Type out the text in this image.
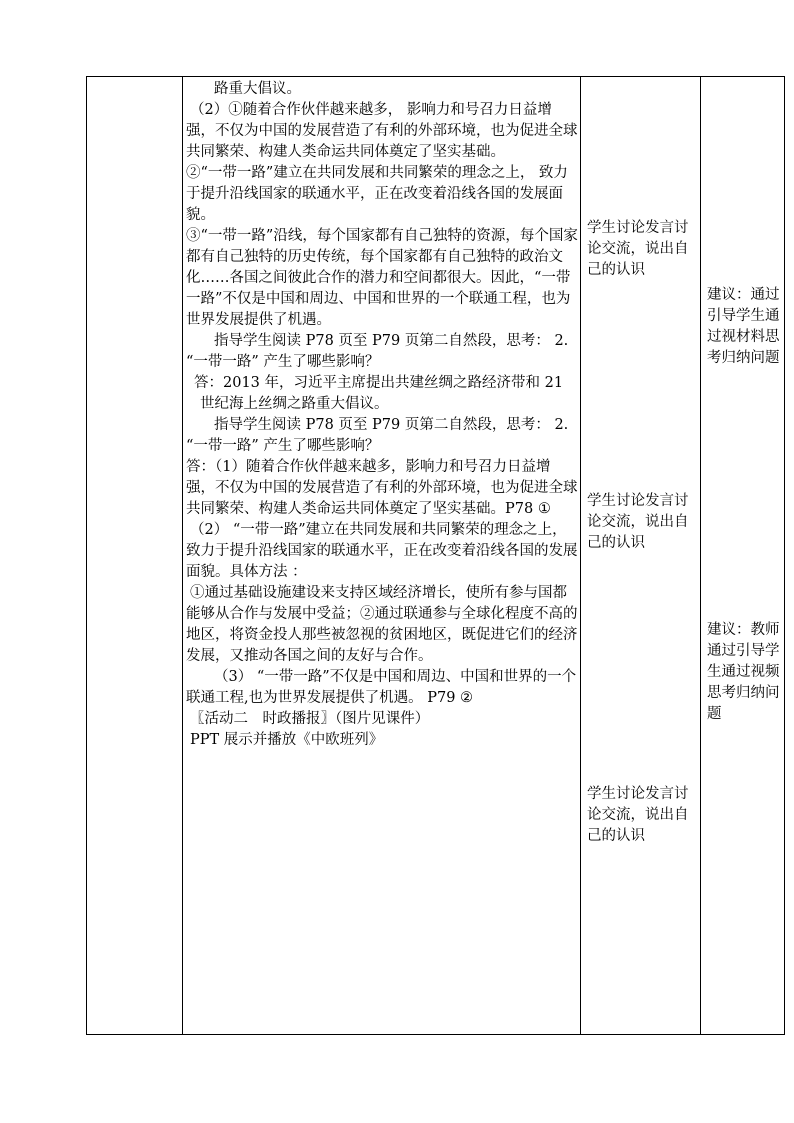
路重大倡议。

（2）①随着合作伙伴越来越多， 影响力和号召力日益增强，不仅为中国的发展营造了有利的外部环境，也为促进全球共同繁荣、构建人类命运共同体奠定了坚实基础。

②“一带一路”建立在共同发展和共同繁荣的理念之上， 致力于提升沿线国家的联通水平，正在改变着沿线各国的发展面貌。

③“一带一路”沿线，每个国家都有自己独特的资源，每个国家都有自己独特的历史传统，每个国家都有自己独特的政治文化……各国之间彼此合作的潜力和空间都很大。因此，“一带一路”不仅是中国和周边、中国和世界的一个联通工程，也为世界发展提供了机遇。

指导学生阅读 P78 页至 P79 页第二自然段，思考： 2. “一带一路” 产生了哪些影响？

答：2013 年，习近平主席提出共建丝绸之路经济带和 21 世纪海上丝绸之路重大倡议。

指导学生阅读 P78 页至 P79 页第二自然段，思考： 2. “一带一路” 产生了哪些影响？

答：（1）随着合作伙伴越来越多，影响力和号召力日益增强，不仅为中国的发展营造了有利的外部环境，也为促进全球共同繁荣、构建人类命运共同体奠定了坚实基础。P78 ①

（2） “一带一路”建立在共同发展和共同繁荣的理念之上，致力于提升沿线国家的联通水平，正在改变着沿线各国的发展面貌。具体方法 ：

①通过基础设施建设来支持区域经济增长，使所有参与国都能够从合作与发展中受益；②通过联通参与全球化程度不高的地区，将资金投人那些被忽视的贫困地区，既促进它们的经济发展，又推动各国之间的友好与合作。

（3） “一带一路”不仅是中国和周边、中国和世界的一个联通工程,也为世界发展提供了机遇。 P79 ②

〖活动二　时政播报〗（图片见课件）

PPT 展示并播放《中欧班列》

学生讨论发言讨论交流，说出自己的认识

学生讨论发言讨论交流，说出自己的认识

学生讨论发言讨论交流，说出自己的认识

建议：通过引导学生通过视材料思考归纳问题

建议：教师通过引导学生通过视频思考归纳问题
